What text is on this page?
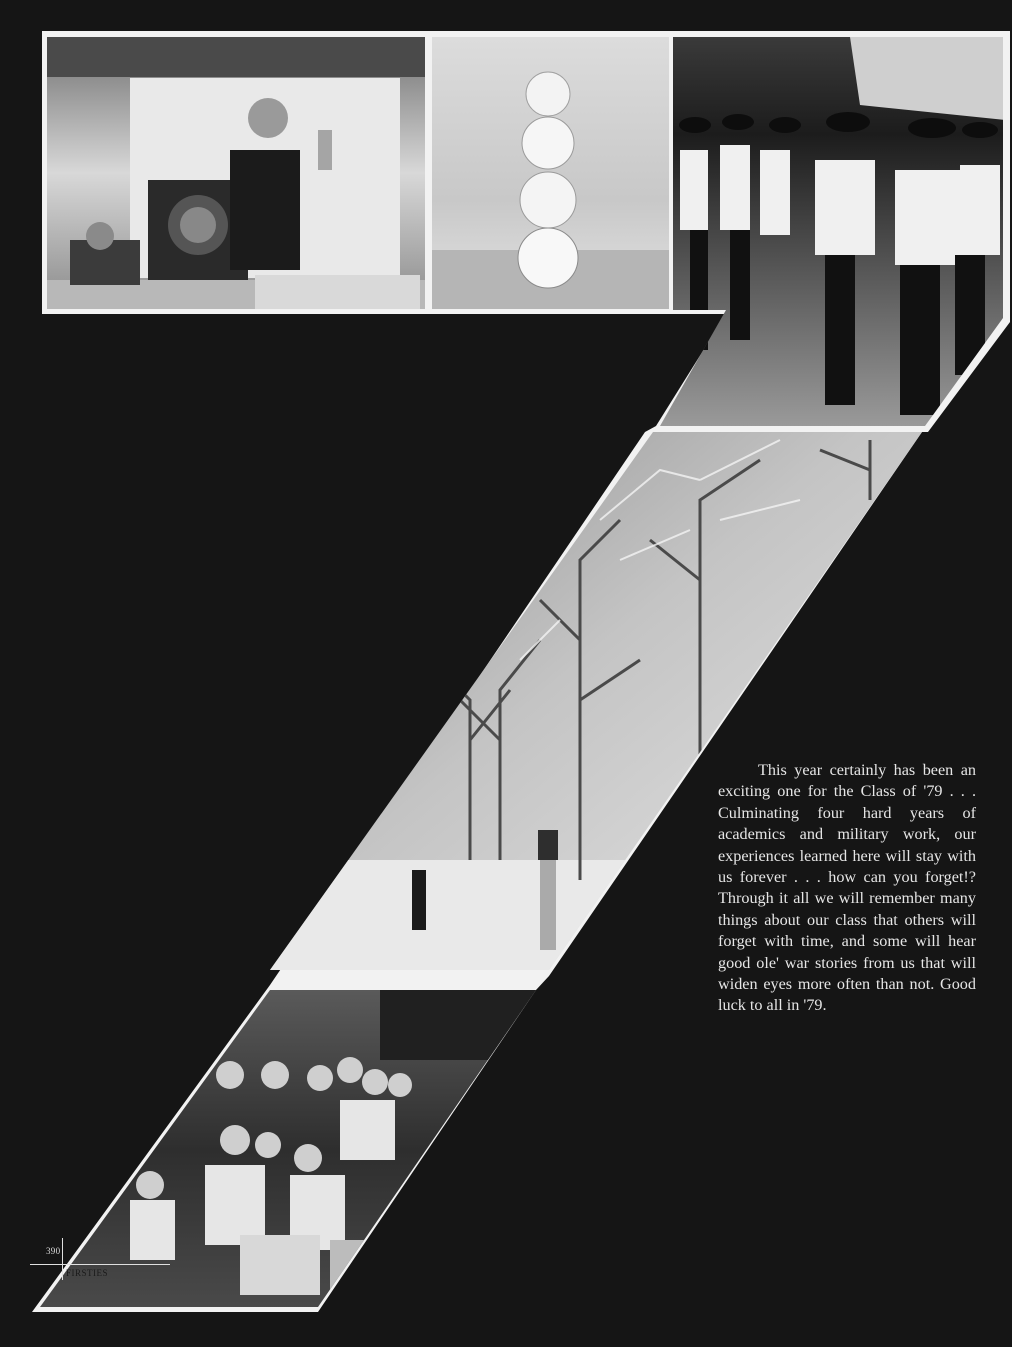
This year certainly has been an exciting one for the Class of '79 . . . Culminating four hard years of academics and military work, our experiences learned here will stay with us forever . . . how can you forget!? Through it all we will remember many things about our class that others will forget with time, and some will hear good ole' war stories from us that will widen eyes more often than not. Good luck to all in '79.

390
FIRSTIES
